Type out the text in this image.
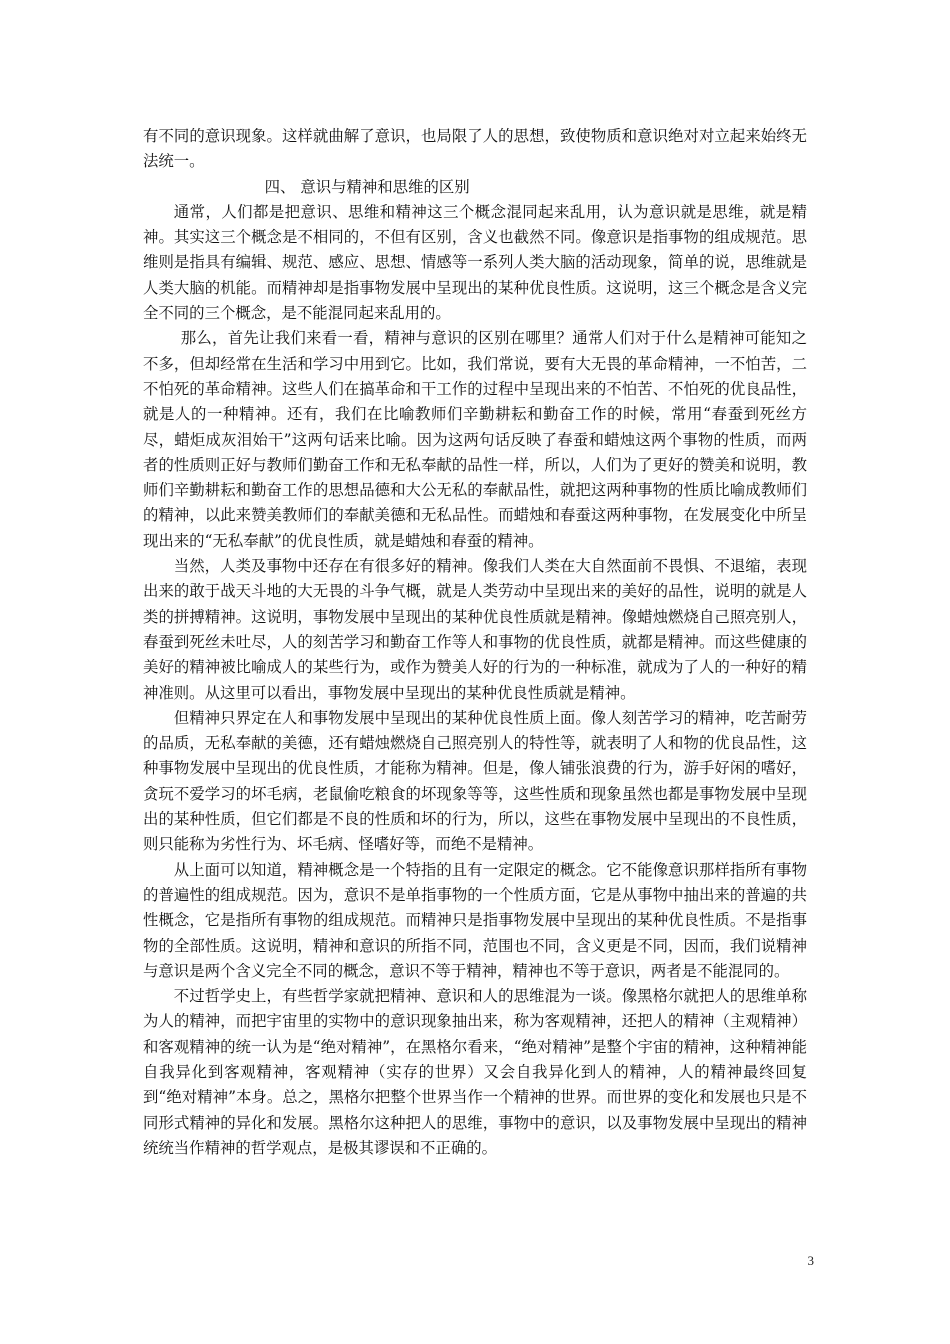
有不同的意识现象。这样就曲解了意识，也局限了人的思想，致使物质和意识绝对对立起来始终无法统一。

四、 意识与精神和思维的区别

通常，人们都是把意识、思维和精神这三个概念混同起来乱用，认为意识就是思维，就是精神。其实这三个概念是不相同的，不但有区别，含义也截然不同。像意识是指事物的组成规范。思维则是指具有编辑、规范、感应、思想、情感等一系列人类大脑的活动现象，简单的说，思维就是人类大脑的机能。而精神却是指事物发展中呈现出的某种优良性质。这说明，这三个概念是含义完全不同的三个概念，是不能混同起来乱用的。

那么，首先让我们来看一看，精神与意识的区别在哪里？通常人们对于什么是精神可能知之不多，但却经常在生活和学习中用到它。比如，我们常说，要有大无畏的革命精神，一不怕苦，二不怕死的革命精神。这些人们在搞革命和干工作的过程中呈现出来的不怕苦、不怕死的优良品性，就是人的一种精神。还有，我们在比喻教师们辛勤耕耘和勤奋工作的时候，常用“春蚕到死丝方尽，蜡炬成灰泪始干”这两句话来比喻。因为这两句话反映了春蚕和蜡烛这两个事物的性质，而两者的性质则正好与教师们勤奋工作和无私奉献的品性一样，所以，人们为了更好的赞美和说明，教师们辛勤耕耘和勤奋工作的思想品德和大公无私的奉献品性，就把这两种事物的性质比喻成教师们的精神，以此来赞美教师们的奉献美德和无私品性。而蜡烛和春蚕这两种事物，在发展变化中所呈现出来的“无私奉献”的优良性质，就是蜡烛和春蚕的精神。

当然，人类及事物中还存在有很多好的精神。像我们人类在大自然面前不畏惧、不退缩，表现出来的敢于战天斗地的大无畏的斗争气概，就是人类劳动中呈现出来的美好的品性，说明的就是人类的拼搏精神。这说明，事物发展中呈现出的某种优良性质就是精神。像蜡烛燃烧自己照亮别人，春蚕到死丝未吐尽，人的刻苦学习和勤奋工作等人和事物的优良性质，就都是精神。而这些健康的美好的精神被比喻成人的某些行为，或作为赞美人好的行为的一种标准，就成为了人的一种好的精神准则。从这里可以看出，事物发展中呈现出的某种优良性质就是精神。

但精神只界定在人和事物发展中呈现出的某种优良性质上面。像人刻苦学习的精神，吃苦耐劳的品质，无私奉献的美德，还有蜡烛燃烧自己照亮别人的特性等，就表明了人和物的优良品性，这种事物发展中呈现出的优良性质，才能称为精神。但是，像人铺张浪费的行为，游手好闲的嗜好，贪玩不爱学习的坏毛病，老鼠偷吃粮食的坏现象等等，这些性质和现象虽然也都是事物发展中呈现出的某种性质，但它们都是不良的性质和坏的行为，所以，这些在事物发展中呈现出的不良性质，则只能称为劣性行为、坏毛病、怪嗜好等，而绝不是精神。

从上面可以知道，精神概念是一个特指的且有一定限定的概念。它不能像意识那样指所有事物的普遍性的组成规范。因为，意识不是单指事物的一个性质方面，它是从事物中抽出来的普遍的共性概念，它是指所有事物的组成规范。而精神只是指事物发展中呈现出的某种优良性质。不是指事物的全部性质。这说明，精神和意识的所指不同，范围也不同，含义更是不同，因而，我们说精神与意识是两个含义完全不同的概念，意识不等于精神，精神也不等于意识，两者是不能混同的。

不过哲学史上，有些哲学家就把精神、意识和人的思维混为一谈。像黑格尔就把人的思维单称为人的精神，而把宇宙里的实物中的意识现象抽出来，称为客观精神，还把人的精神（主观精神）和客观精神的统一认为是“绝对精神”，在黑格尔看来，“绝对精神”是整个宇宙的精神，这种精神能自我异化到客观精神，客观精神（实存的世界）又会自我异化到人的精神，人的精神最终回复到“绝对精神”本身。总之，黑格尔把整个世界当作一个精神的世界。而世界的变化和发展也只是不同形式精神的异化和发展。黑格尔这种把人的思维，事物中的意识，以及事物发展中呈现出的精神统统当作精神的哲学观点，是极其谬误和不正确的。

3
